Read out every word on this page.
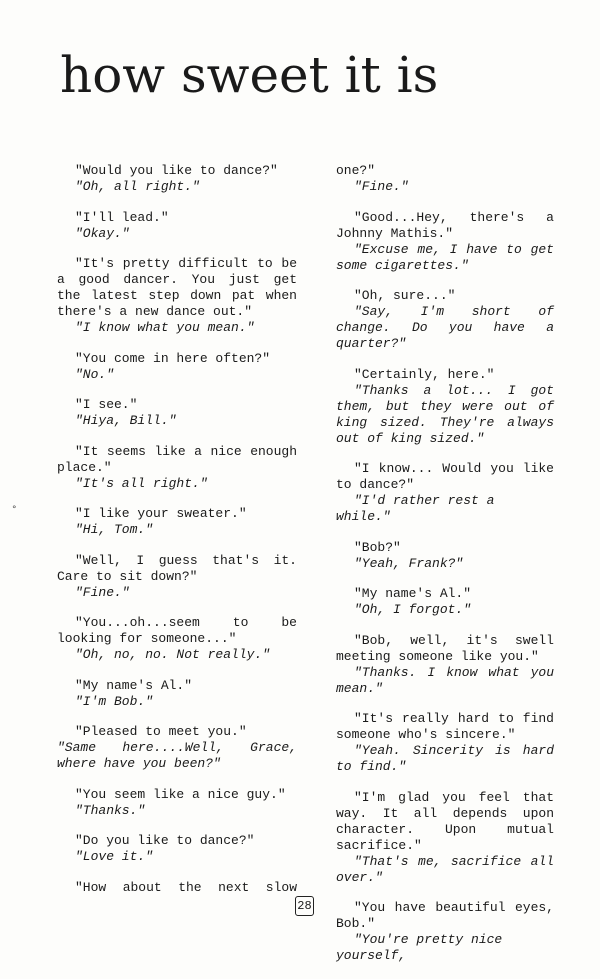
how sweet it is
"Would you like to dance?"
"Oh, all right."
"I'll lead."
"Okay."
"It's pretty difficult to be a good dancer. You just get the latest step down pat when there's a new dance out."
"I know what you mean."
"You come in here often?"
"No."
"I see."
"Hiya, Bill."
"It seems like a nice enough place."
"It's all right."
"I like your sweater."
"Hi, Tom."
"Well, I guess that's it. Care to sit down?"
"Fine."
"You...oh...seem to be looking for someone..."
"Oh, no, no. Not really."
"My name's Al."
"I'm Bob."
"Pleased to meet you."
"Same here....Well, Grace, where have you been?"
"You seem like a nice guy."
"Thanks."
"Do you like to dance?"
"Love it."
"How about the next slow
one?"
"Fine."
"Good...Hey, there's a Johnny Mathis."
"Excuse me, I have to get some cigarettes."
"Oh, sure..."
"Say, I'm short of change. Do you have a quarter?"
"Certainly, here."
"Thanks a lot... I got them, but they were out of king sized. They're always out of king sized."
"I know... Would you like to dance?"
"I'd rather rest a while."
"Bob?"
"Yeah, Frank?"
"My name's Al."
"Oh, I forgot."
"Bob, well, it's swell meeting someone like you."
"Thanks. I know what you mean."
"It's really hard to find someone who's sincere."
"Yeah. Sincerity is hard to find."
"I'm glad you feel that way. It all depends upon character. Upon mutual sacrifice."
"That's me, sacrifice all over."
"You have beautiful eyes, Bob."
"You're pretty nice yourself,
°
28
